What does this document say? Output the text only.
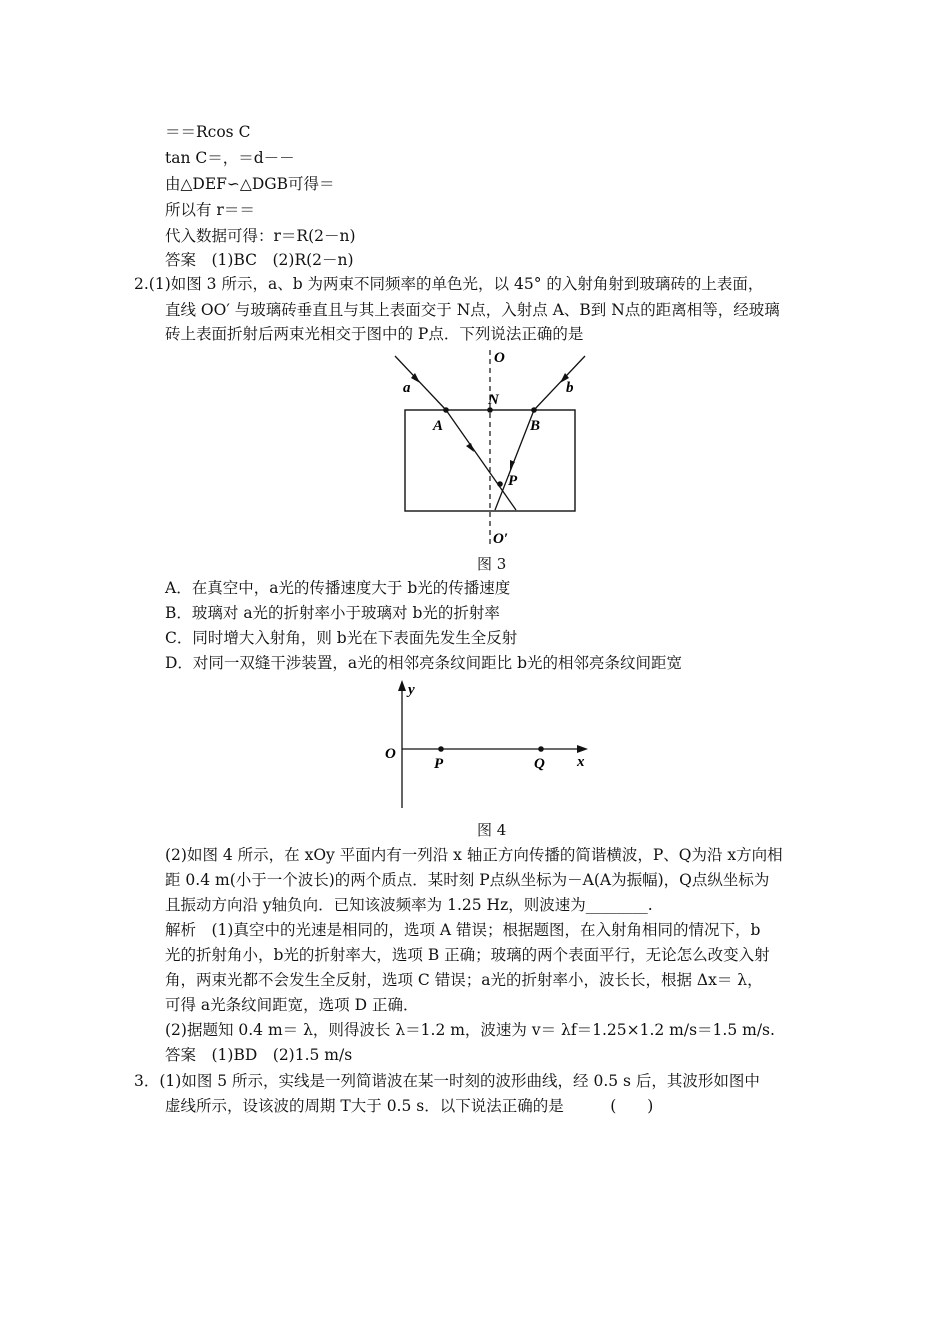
＝＝Rcos C
tan C＝，＝d－－
由△DEF∽△DGB可得＝
所以有 r＝＝
代入数据可得：r＝R(2－n)
答案　(1)BC　(2)R(2－n)
2.(1)如图 3 所示，a、b 为两束不同频率的单色光，以 45° 的入射角射到玻璃砖的上表面，
直线 OO′ 与玻璃砖垂直且与其上表面交于 N点，入射点 A、B到 N点的距离相等，经玻璃
砖上表面折射后两束光相交于图中的 P点．下列说法正确的是
O
N
a	b
A	B
P
O′
图 3
A．在真空中，a光的传播速度大于 b光的传播速度
B．玻璃对 a光的折射率小于玻璃对 b光的折射率
C．同时增大入射角，则 b光在下表面先发生全反射
D．对同一双缝干涉装置，a光的相邻亮条纹间距比 b光的相邻亮条纹间距宽
y
O
P	Q x
图 4
(2)如图 4 所示，在 xOy 平面内有一列沿 x 轴正方向传播的简谐横波，P、Q为沿 x方向相
距 0.4 m(小于一个波长)的两个质点．某时刻 P点纵坐标为－A(A为振幅)，Q点纵坐标为
且振动方向沿 y轴负向．已知该波频率为 1.25 Hz，则波速为________.
解析　(1)真空中的光速是相同的，选项 A 错误；根据题图，在入射角相同的情况下，b
光的折射角小，b光的折射率大，选项 B 正确；玻璃的两个表面平行，无论怎么改变入射
角，两束光都不会发生全反射，选项 C 错误；a光的折射率小，波长长，根据 Δx＝ λ，
可得 a光条纹间距宽，选项 D 正确．
(2)据题知 0.4 m＝ λ，则得波长 λ＝1.2 m，波速为 v＝ λf＝1.25×1.2 m/s＝1.5 m/s.
答案　(1)BD　(2)1.5 m/s
3．(1)如图 5 所示，实线是一列简谐波在某一时刻的波形曲线，经 0.5 s 后，其波形如图中
虚线所示，设该波的周期 T大于 0.5 s．以下说法正确的是　　　(　　)
